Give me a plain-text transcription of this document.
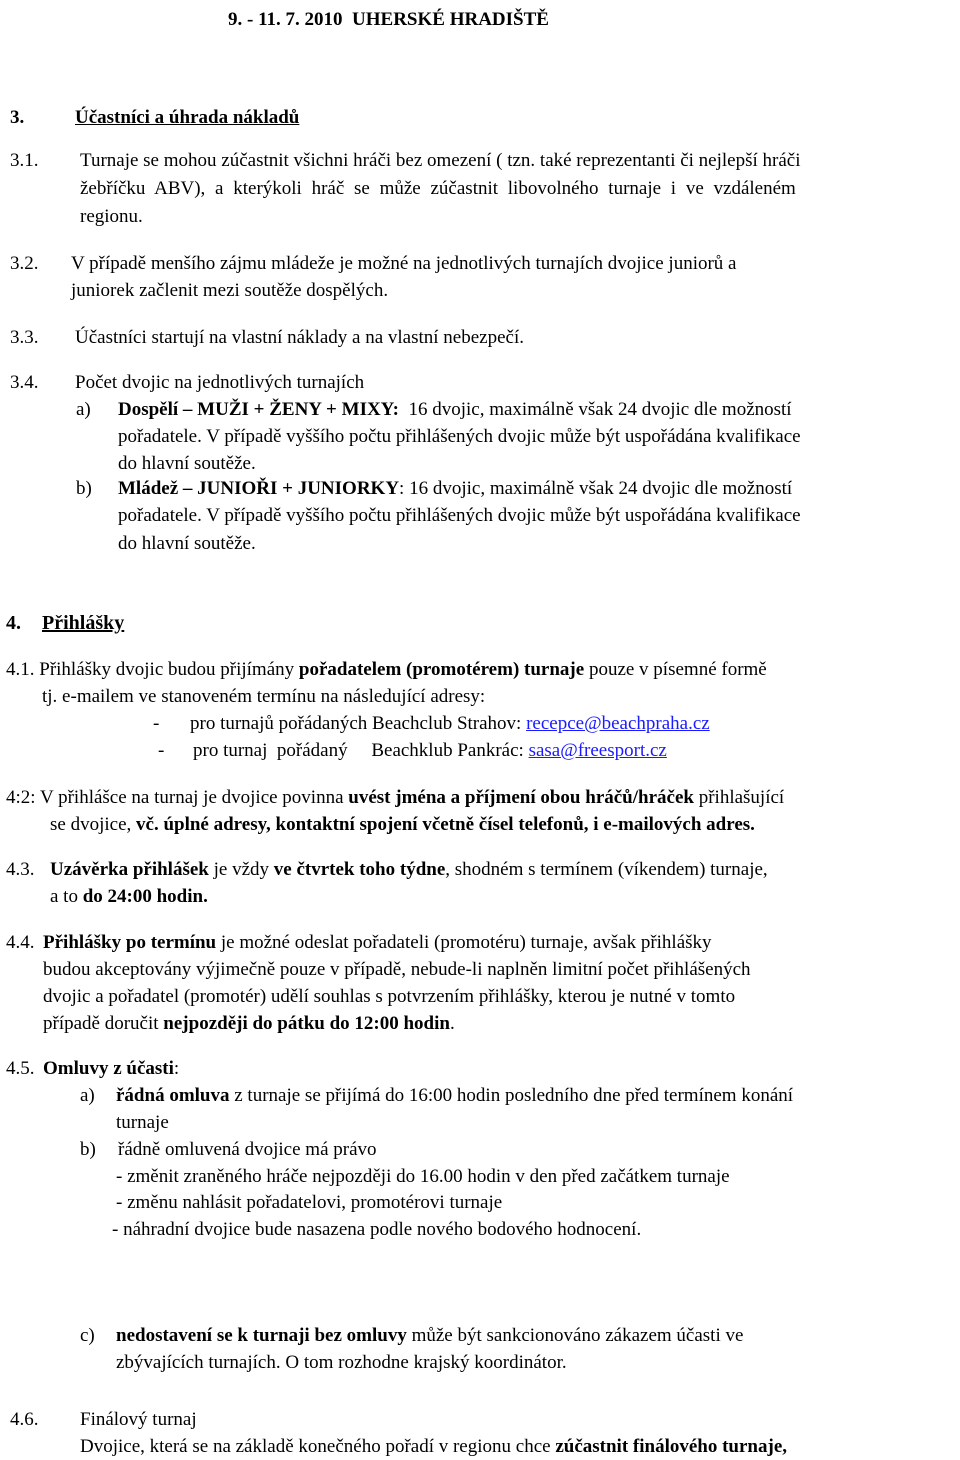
9. - 11. 7. 2010 UHERSKÉ HRADIŠTĚ
3.	Účastníci a úhrada nákladů
3.1. Turnaje se mohou zúčastnit všichni hráči bez omezení ( tzn. také reprezentanti či nejlepší hráči
žebříčku ABV), a kterýkoli hráč se může zúčastnit libovolného turnaje i ve vzdáleném
regionu.
3.2. V případě menšího zájmu mládeže je možné na jednotlivých turnajích dvojice juniorů a
juniorek začlenit mezi soutěže dospělých.
3.3. Účastníci startují na vlastní náklady a na vlastní nebezpečí.
3.4. Počet dvojic na jednotlivých turnajích
a) Dospělí – MUŽI + ŽENY + MIXY: 16 dvojic, maximálně však 24 dvojic dle možností
pořadatele. V případě vyššího počtu přihlášených dvojic může být uspořádána kvalifikace
do hlavní soutěže.
b) Mládež – JUNIOŘI + JUNIORKY: 16 dvojic, maximálně však 24 dvojic dle možností
pořadatele. V případě vyššího počtu přihlášených dvojic může být uspořádána kvalifikace
do hlavní soutěže.
4. Přihlášky
4.1. Přihlášky dvojic budou přijímány pořadatelem (promotérem) turnaje pouze v písemné formě
tj. e-mailem ve stanoveném termínu na následující adresy:
- pro turnajů pořádaných Beachclub Strahov: recepce@beachpraha.cz
- pro turnaj  pořádaný     Beachklub Pankrác: sasa@freesport.cz
4:2: V přihlášce na turnaj je dvojice povinna uvést jména a příjmení obou hráčů/hráček přihlašující
se dvojice, vč. úplné adresy, kontaktní spojení včetně čísel telefonů, i e-mailových adres.
4.3. Uzávěrka přihlášek je vždy ve čtvrtek toho týdne, shodném s termínem (víkendem) turnaje,
a to do 24:00 hodin.
4.4. Přihlášky po termínu je možné odeslat pořadateli (promotéru) turnaje, avšak přihlášky
budou akceptovány výjimečně pouze v případě, nebude-li naplněn limitní počet přihlášených
dvojic a pořadatel (promotér) udělí souhlas s potvrzením přihlášky, kterou je nutné v tomto
případě doručit nejpozději do pátku do 12:00 hodin.
4.5. Omluvy z účasti:
a) řádná omluva z turnaje se přijímá do 16:00 hodin posledního dne před termínem konání
turnaje
b) řádně omluvená dvojice má právo
- změnit zraněného hráče nejpozději do 16.00 hodin v den před začátkem turnaje
- změnu nahlásit pořadatelovi, promotérovi turnaje
- náhradní dvojice bude nasazena podle nového bodového hodnocení.
c) nedostavení se k turnaji bez omluvy může být sankcionováno zákazem účasti ve
zbývajících turnajích. O tom rozhodne krajský koordinátor.
4.6. Finálový turnaj
Dvojice, která se na základě konečného pořadí v regionu chce zúčastnit finálového turnaje,
